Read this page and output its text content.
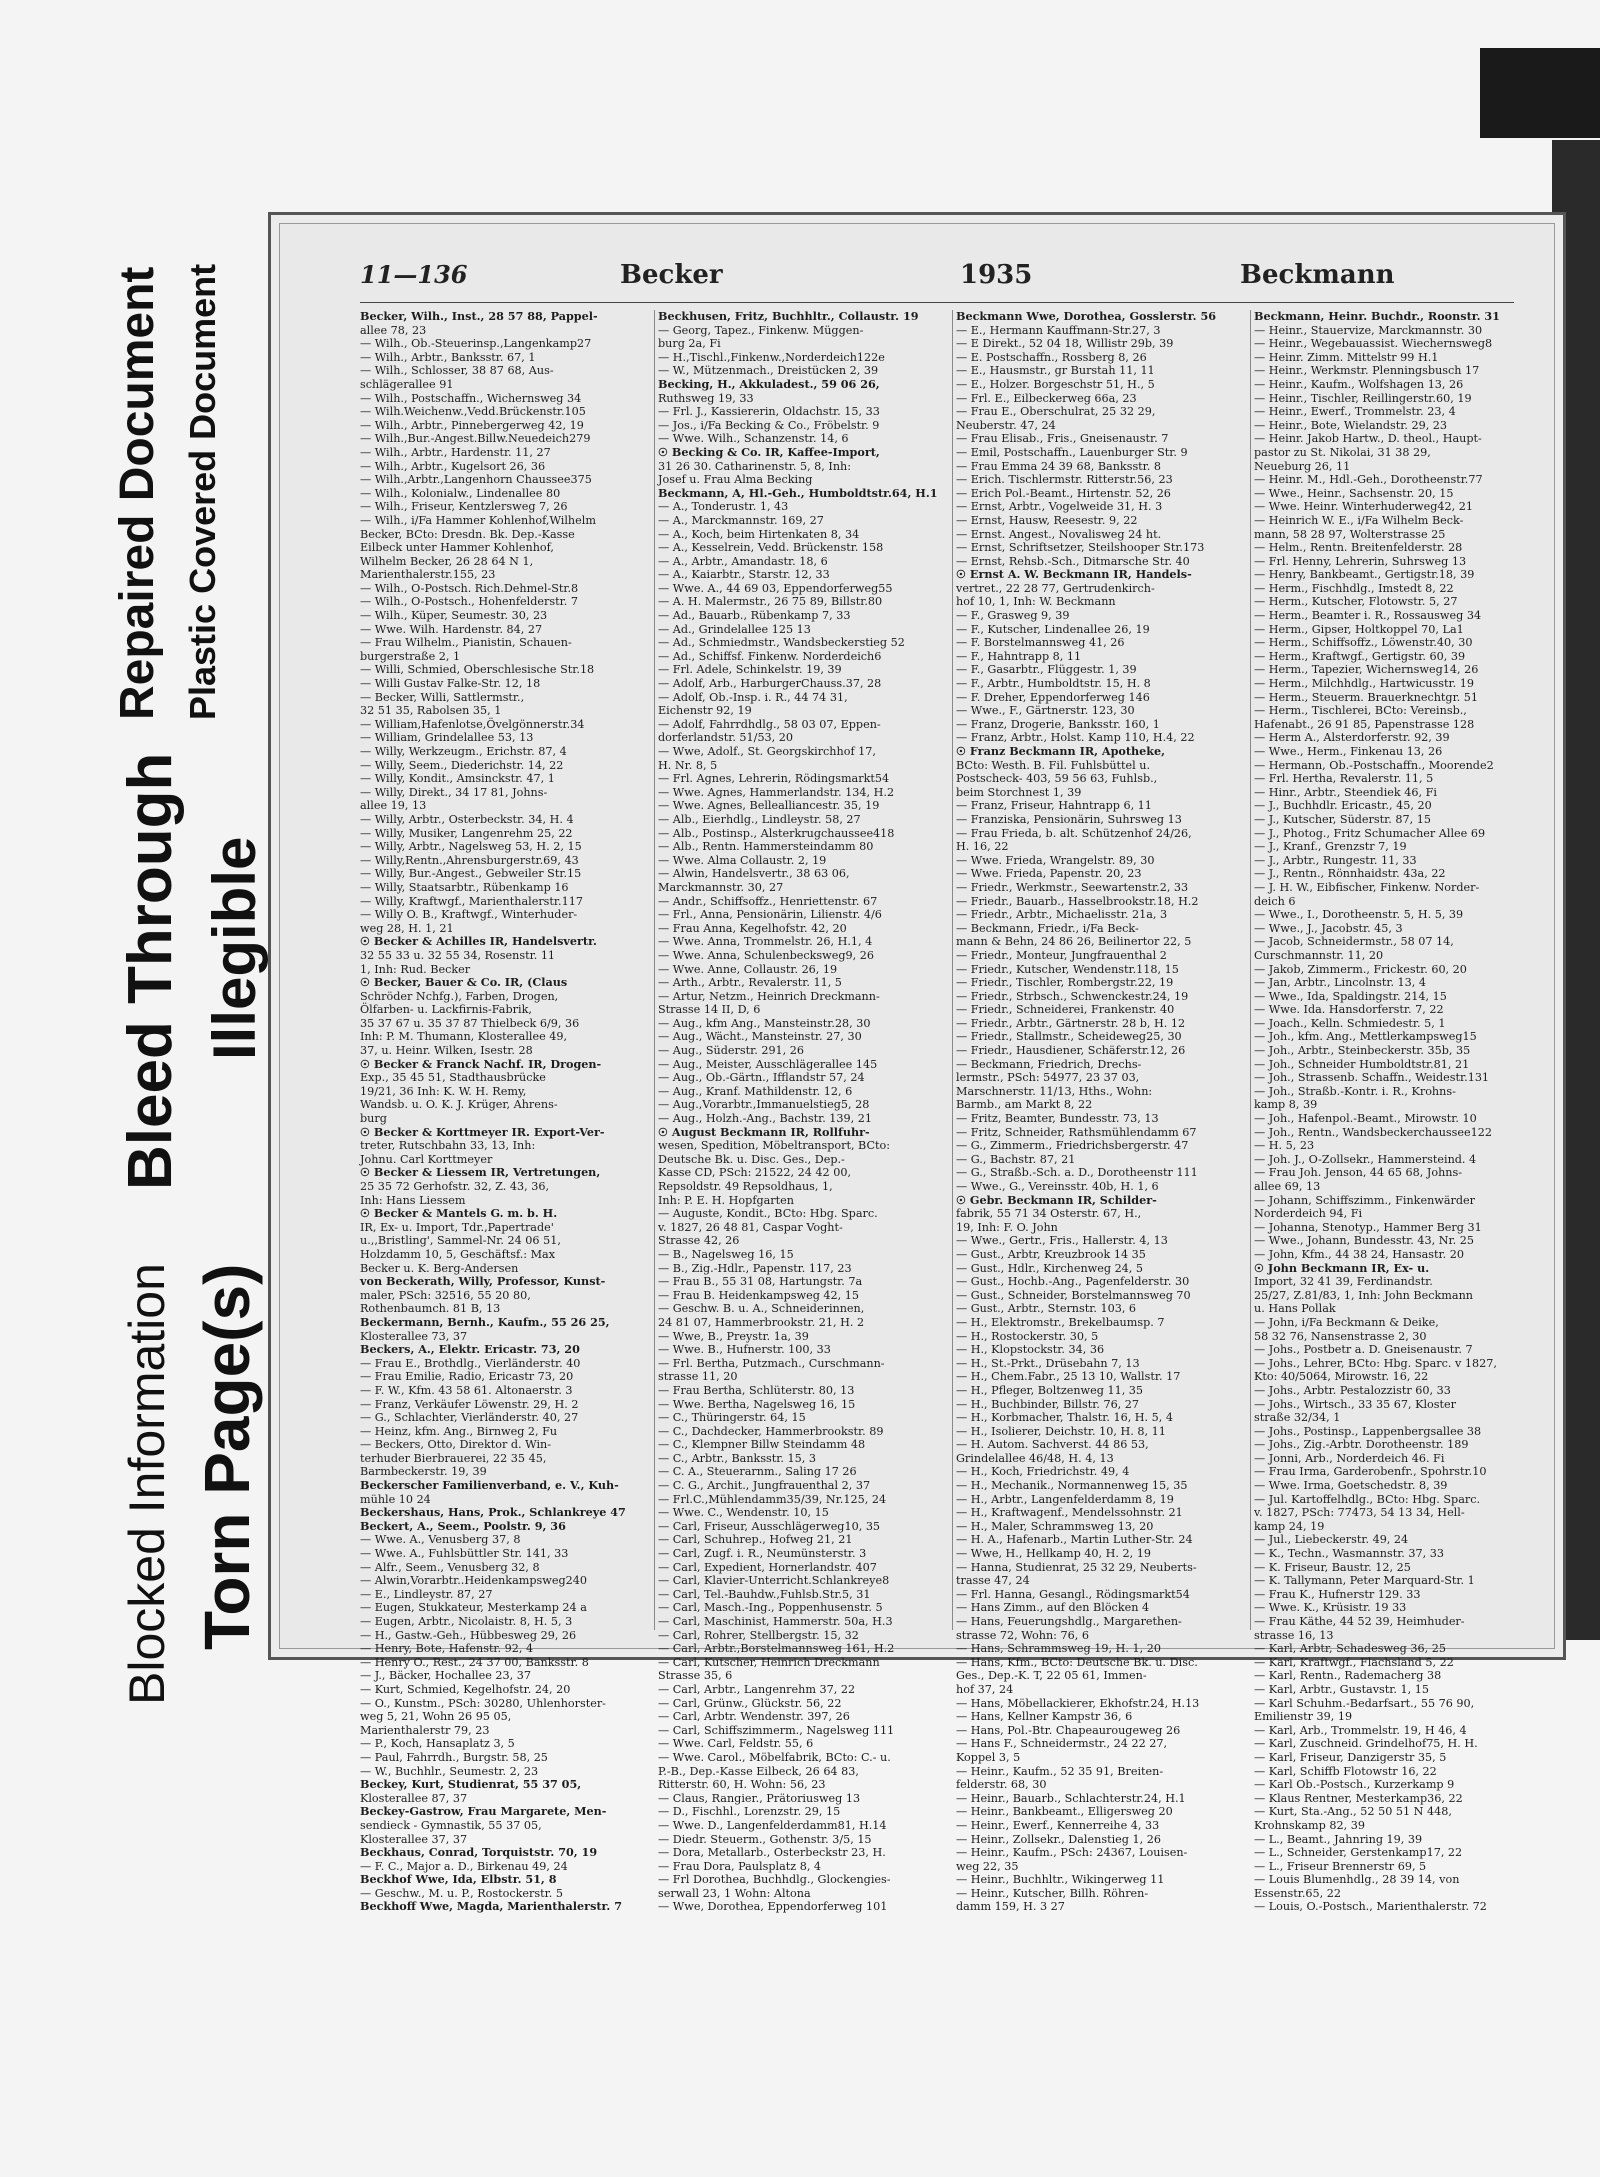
Blocked Information Torn Page(s)
Bleed Through Illegible
Repaired Document Plastic Covered Document	11—136	Becker	1935	Beckmann
Becker, Wilh., Inst., 28 57 88, Pappel-
allee 78, 23
— Wilh., Ob.-Steuerinsp.,Langenkamp27
— Wilh., Arbtr., Banksstr. 67, 1
— Wilh., Schlosser, 38 87 68, Aus-
schlägerallee 91
— Wilh., Postschaffn., Wichernsweg 34
— Wilh.Weichenw.,Vedd.Brückenstr.105
— Wilh., Arbtr., Pinnebergerweg 42, 19
— Wilh.,Bur.-Angest.Billw.Neuedeich279
— Wilh., Arbtr., Hardenstr. 11, 27
— Wilh., Arbtr., Kugelsort 26, 36
— Wilh.,Arbtr.,Langenhorn Chaussee375
— Wilh., Kolonialw., Lindenallee 80
— Wilh., Friseur, Kentzlersweg 7, 26
— Wilh., i/Fa Hammer Kohlenhof,Wilhelm
Becker, BCto: Dresdn. Bk. Dep.-Kasse
Eilbeck unter Hammer Kohlenhof,
Wilhelm Becker, 26 28 64 N 1,
Marienthalerstr.155, 23
— Wilh., O-Postsch. Rich.Dehmel-Str.8
— Wilh., O-Postsch., Hohenfelderstr. 7
— Wilh., Küper, Seumestr. 30, 23
— Wwe. Wilh. Hardenstr. 84, 27
— Frau Wilhelm., Pianistin, Schauen-
burgerstraße 2, 1
— Willi, Schmied, Oberschlesische Str.18
— Willi Gustav Falke-Str. 12, 18
— Becker, Willi, Sattlermstr.,
32 51 35, Rabolsen 35, 1
— William,Hafenlotse,Övelgönnerstr.34
— William, Grindelallee 53, 13
— Willy, Werkzeugm., Erichstr. 87, 4
— Willy, Seem., Diederichstr. 14, 22
— Willy, Kondit., Amsinckstr. 47, 1
— Willy, Direkt., 34 17 81, Johns-
allee 19, 13
— Willy, Arbtr., Osterbeckstr. 34, H. 4
— Willy, Musiker, Langenrehm 25, 22
— Willy, Arbtr., Nagelsweg 53, H. 2, 15
— Willy,Rentn.,Ahrensburgerstr.69, 43
— Willy, Bur.-Angest., Gebweiler Str.15
— Willy, Staatsarbtr., Rübenkamp 16
— Willy, Kraftwgf., Marienthalerstr.117
— Willy O. B., Kraftwgf., Winterhuder-
weg 28, H. 1, 21
☉ Becker & Achilles IR, Handelsvertr.
32 55 33 u. 32 55 34, Rosenstr. 11
1, Inh: Rud. Becker
☉ Becker, Bauer & Co. IR, (Claus
Schröder Nchfg.), Farben, Drogen,
Ölfarben- u. Lackfirnis-Fabrik,
35 37 67 u. 35 37 87 Thielbeck 6/9, 36
Inh: P. M. Thumann, Klosterallee 49,
37, u. Heinr. Wilken, Isestr. 28
☉ Becker & Franck Nachf. IR, Drogen-
Exp., 35 45 51, Stadthausbrücke
19/21, 36 Inh: K. W. H. Remy,
Wandsb. u. O. K. J. Krüger, Ahrens-
burg
☉ Becker & Korttmeyer IR. Export-Ver-
treter, Rutschbahn 33, 13, Inh:
Johnu. Carl Korttmeyer
☉ Becker & Liessem IR, Vertretungen,
25 35 72 Gerhofstr. 32, Z. 43, 36,
Inh: Hans Liessem
☉ Becker & Mantels G. m. b. H.
IR, Ex- u. Import, Tdr.,Papertrade'
u.,,Bristling', Sammel-Nr. 24 06 51,
Holzdamm 10, 5, Geschäftsf.: Max
Becker u. K. Berg-Andersen
von Beckerath, Willy, Professor, Kunst-
maler, PSch: 32516, 55 20 80,
Rothenbaumch. 81 B, 13
Beckermann, Bernh., Kaufm., 55 26 25,
Klosterallee 73, 37
Beckers, A., Elektr. Ericastr. 73, 20
— Frau E., Brothdlg., Vierländerstr. 40
— Frau Emilie, Radio, Ericastr 73, 20
— F. W., Kfm. 43 58 61. Altonaerstr. 3
— Franz, Verkäufer Löwenstr. 29, H. 2
— G., Schlachter, Vierländerstr. 40, 27
— Heinz, kfm. Ang., Birnweg 2, Fu
— Beckers, Otto, Direktor d. Win-
terhuder Bierbrauerei, 22 35 45,
Barmbeckerstr. 19, 39
Beckerscher Familienverband, e. V., Kuh-
mühle 10 24
Beckershaus, Hans, Prok., Schlankreye 47
Beckert, A., Seem., Poolstr. 9, 36
— Wwe. A., Venusberg 37, 8
— Wwe. A., Fuhlsbüttler Str. 141, 33
— Alfr., Seem., Venusberg 32, 8
— Alwin,Vorarbtr..Heidenkampsweg240
— E., Lindleystr. 87, 27
— Eugen, Stukkateur, Mesterkamp 24 a
— Eugen, Arbtr., Nicolaistr. 8, H. 5, 3
— H., Gastw.-Geh., Hübbesweg 29, 26
— Henry, Bote, Hafenstr. 92, 4
— Henry O., Rest., 24 37 00, Banksstr. 8
— J., Bäcker, Hochallee 23, 37
— Kurt, Schmied, Kegelhofstr. 24, 20
— O., Kunstm., PSch: 30280, Uhlenhorster-
weg 5, 21, Wohn 26 95 05,
Marienthalerstr 79, 23
— P., Koch, Hansaplatz 3, 5
— Paul, Fahrrdh., Burgstr. 58, 25
— W., Buchhlr., Seumestr. 2, 23
Beckey, Kurt, Studienrat, 55 37 05,
Klosterallee 87, 37
Beckey-Gastrow, Frau Margarete, Men-
sendieck - Gymnastik, 55 37 05,
Klosterallee 37, 37
Beckhaus, Conrad, Torquiststr. 70, 19
— F. C., Major a. D., Birkenau 49, 24
Beckhof Wwe, Ida, Elbstr. 51, 8
— Geschw., M. u. P., Rostockerstr. 5
Beckhoff Wwe, Magda, Marienthalerstr. 7
Beckhusen, Fritz, Buchhltr., Collaustr. 19
— Georg, Tapez., Finkenw. Müggen-
burg 2a, Fi
— H.,Tischl.,Finkenw.,Norderdeich122e
— W., Mützenmach., Dreistücken 2, 39
Becking, H., Akkuladest., 59 06 26,
Ruthsweg 19, 33
— Frl. J., Kassiererin, Oldachstr. 15, 33
— Jos., i/Fa Becking & Co., Fröbelstr. 9
— Wwe. Wilh., Schanzenstr. 14, 6
☉ Becking & Co. IR, Kaffee-Import,
31 26 30. Catharinenstr. 5, 8, Inh:
Josef u. Frau Alma Becking
Beckmann, A, Hl.-Geh., Humboldtstr.64, H.1
— A., Tonderustr. 1, 43
— A., Marckmannstr. 169, 27
— A., Koch, beim Hirtenkaten 8, 34
— A., Kesselrein, Vedd. Brückenstr. 158
— A., Arbtr., Amandastr. 18, 6
— A., Kaiarbtr., Starstr. 12, 33
— Wwe. A., 44 69 03, Eppendorferweg55
— A. H. Malermstr., 26 75 89, Billstr.80
— Ad., Bauarb., Rübenkamp 7, 33
— Ad., Grindelallee 125 13
— Ad., Schmiedmstr., Wandsbeckerstieg 52
— Ad., Schiffsf. Finkenw. Norderdeich6
— Frl. Adele, Schinkelstr. 19, 39
— Adolf, Arb., HarburgerChauss.37, 28
— Adolf, Ob.-Insp. i. R., 44 74 31,
Eichenstr 92, 19
— Adolf, Fahrrdhdlg., 58 03 07, Eppen-
dorferlandstr. 51/53, 20
— Wwe, Adolf., St. Georgskirchhof 17,
H. Nr. 8, 5
— Frl. Agnes, Lehrerin, Rödingsmarkt54
— Wwe. Agnes, Hammerlandstr. 134, H.2
— Wwe. Agnes, Belleallianсestr. 35, 19
— Alb., Eierhdlg., Lindleystr. 58, 27
— Alb., Postinsp., Alsterkrugchaussee418
— Alb., Rentn. Hammersteindamm 80
— Wwe. Alma Collaustr. 2, 19
— Alwin, Handelsvertr., 38 63 06,
Marckmannstr. 30, 27
— Andr., Schiffsoffz., Henriettenstr. 67
— Frl., Anna, Pensionärin, Lilienstr. 4/6
— Frau Anna, Kegelhofstr. 42, 20
— Wwe. Anna, Trommelstr. 26, H.1, 4
— Wwe. Anna, Schulenbecksweg9, 26
— Wwe. Anne, Collaustr. 26, 19
— Arth., Arbtr., Revalerstr. 11, 5
— Artur, Netzm., Heinrich Dreckmann-
Strasse 14 II, D, 6
— Aug., kfm Ang., Mansteinstr.28, 30
— Aug., Wächt., Mansteinstr. 27, 30
— Aug., Süderstr. 291, 26
— Aug., Meister, Ausschlägerallee 145
— Aug., Ob.-Gärtn., Ifflandstr 57, 24
— Aug., Kranf. Mathildenstr. 12, 6
— Aug.,Vorarbtr.,Immanuelstieg5, 28
— Aug., Holzh.-Ang., Bachstr. 139, 21
☉ August Beckmann IR, Rollfuhr-
wesen, Spedition, Möbeltransport, BCto:
Deutsche Bk. u. Disc. Ges., Dep.-
Kasse CD, PSch: 21522, 24 42 00,
Repsoldstr. 49 Repsoldhaus, 1,
Inh: P. E. H. Hopfgarten
— Auguste, Kondit., BCto: Hbg. Sparc.
v. 1827, 26 48 81, Caspar Voght-
Strasse 42, 26
— B., Nagelsweg 16, 15
— B., Zig.-Hdlr., Papenstr. 117, 23
— Frau B., 55 31 08, Hartungstr. 7a
— Frau B. Heidenkampsweg 42, 15
— Geschw. B. u. A., Schneiderinnen,
24 81 07, Hammerbrookstr. 21, H. 2
— Wwe, B., Preystr. 1a, 39
— Wwe. B., Hufnerstr. 100, 33
— Frl. Bertha, Putzmach., Curschmann-
strasse 11, 20
— Frau Bertha, Schlüterstr. 80, 13
— Wwe. Bertha, Nagelsweg 16, 15
— C., Thüringerstr. 64, 15
— C., Dachdecker, Hammerbrookstr. 89
— C., Klempner Billw Steindamm 48
— C., Arbtr., Banksstr. 15, 3
— C. A., Steuerarnm., Saling 17 26
— C. G., Archit., Jungfrauenthal 2, 37
— Frl.C.,Mühlendamm35/39, Nr.125, 24
— Wwe. C., Wendenstr. 10, 15
— Carl, Friseur, Ausschlägerweg10, 35
— Carl, Schuhrep., Hofweg 21, 21
— Carl, Zugf. i. R., Neumünsterstr. 3
— Carl, Expedient, Hornerlandstr. 407
— Carl, Klavier-Unterricht.Schlankreye8
— Carl, Tel.-Bauhdw.,Fuhlsb.Str.5, 31
— Carl, Masch.-Ing., Poppenhusenstr. 5
— Carl, Maschinist, Hammerstr. 50a, H.3
— Carl, Rohrer, Stellbergstr. 15, 32
— Carl, Arbtr.,Borstelmannsweg 161, H.2
— Carl, Kutscher, Heinrich Dreckmann
Strasse 35, 6
— Carl, Arbtr., Langenrehm 37, 22
— Carl, Grünw., Glückstr. 56, 22
— Carl, Arbtr. Wendenstr. 397, 26
— Carl, Schiffszimmerm., Nagelsweg 111
— Wwe. Carl, Feldstr. 55, 6
— Wwe. Carol., Möbelfabrik, BCto: C.- u.
P.-B., Dep.-Kasse Eilbeck, 26 64 83,
Ritterstr. 60, H. Wohn: 56, 23
— Claus, Rangier., Prätoriusweg 13
— D., Fischhl., Lorenzstr. 29, 15
— Wwe. D., Langenfelderdamm81, H.14
— Diedr. Steuerm., Gothenstr. 3/5, 15
— Dora, Metallarb., Osterbeckstr 23, H.
— Frau Dora, Paulsplatz 8, 4
— Frl Dorothea, Buchhdlg., Glockengies-
serwall 23, 1 Wohn: Altona
— Wwe, Dorothea, Eppendorferweg 101
Beckmann Wwe, Dorothea, Gosslerstr. 56
— E., Hermann Kauffmann-Str.27, 3
— E Direkt., 52 04 18, Willistr 29b, 39
— E. Postschaffn., Rossberg 8, 26
— E., Hausmstr., gr Burstah 11, 11
— E., Holzer. Borgeschstr 51, H., 5
— Frl. E., Eilbeckerweg 66a, 23
— Frau E., Oberschulrat, 25 32 29,
Neuberstr. 47, 24
— Frau Elisab., Fris., Gneisenaustr. 7
— Emil, Postschaffn., Lauenburger Str. 9
— Frau Emma 24 39 68, Banksstr. 8
— Erich. Tischlermstr. Ritterstr.56, 23
— Erich Pol.-Beamt., Hirtenstr. 52, 26
— Ernst, Arbtr., Vogelweide 31, H. 3
— Ernst, Hausw, Reesestr. 9, 22
— Ernst. Angest., Novalisweg 24 ht.
— Ernst, Schriftsetzer, Steilshooper Str.173
— Ernst, Rehsb.-Sch., Ditmarsche Str. 40
☉ Ernst A. W. Beckmann IR, Handels-
vertret., 22 28 77, Gertrudenkirch-
hof 10, 1, Inh: W. Beckmann
— F., Grasweg 9, 39
— F., Kutscher, Lindenallee 26, 19
— F. Borstelmannsweg 41, 26
— F., Hahntrapp 8, 11
— F., Gasarbtr., Flüggestr. 1, 39
— F., Arbtr., Humboldtstr. 15, H. 8
— F. Dreher, Eppendorferweg 146
— Wwe., F., Gärtnerstr. 123, 30
— Franz, Drogerie, Banksstr. 160, 1
— Franz, Arbtr., Holst. Kamp 110, H.4, 22
☉ Franz Beckmann IR, Apotheke,
BCto: Westh. B. Fil. Fuhlsbüttel u.
Postscheck- 403, 59 56 63, Fuhlsb.,
beim Storchnest 1, 39
— Franz, Friseur, Hahntrapp 6, 11
— Franziska, Pensionärin, Suhrsweg 13
— Frau Frieda, b. alt. Schützenhof 24/26,
H. 16, 22
— Wwe. Frieda, Wrangelstr. 89, 30
— Wwe. Frieda, Papenstr. 20, 23
— Friedr., Werkmstr., Seewartenstr.2, 33
— Friedr., Bauarb., Hasselbrookstr.18, H.2
— Friedr., Arbtr., Michaelisstr. 21a, 3
— Beckmann, Friedr., i/Fa Beck-
mann & Behn, 24 86 26, Beilinertor 22, 5
— Friedr., Monteur, Jungfrauenthal 2
— Friedr., Kutscher, Wendenstr.118, 15
— Friedr., Tischler, Rombergstr.22, 19
— Friedr., Strbsch., Schwenckestr.24, 19
— Friedr., Schneiderei, Frankenstr. 40
— Friedr., Arbtr., Gärtnerstr. 28 b, H. 12
— Friedr., Stallmstr., Scheideweg25, 30
— Friedr., Hausdiener, Schäferstr.12, 26
— Beckmann, Friedrich, Drechs-
lermstr., PSch: 54977, 23 37 03,
Marschnerstr. 11/13, Hths., Wohn:
Barmb., am Markt 8, 22
— Fritz, Beamter, Bundesstr. 73, 13
— Fritz, Schneider, Rathsmühlendamm 67
— G., Zimmerm., Friedrichsbergerstr. 47
— G., Bachstr. 87, 21
— G., Straßb.-Sch. a. D., Dorotheenstr 111
— Wwe., G., Vereinsstr. 40b, H. 1, 6
☉ Gebr. Beckmann IR, Schilder-
fabrik, 55 71 34 Osterstr. 67, H.,
19, Inh: F. O. John
— Wwe., Gertr., Fris., Hallerstr. 4, 13
— Gust., Arbtr, Kreuzbrook 14 35
— Gust., Hdlr., Kirchenweg 24, 5
— Gust., Hochb.-Ang., Pagenfelderstr. 30
— Gust., Schneider, Borstelmannsweg 70
— Gust., Arbtr., Sternstr. 103, 6
— H., Elektromstr., Brekelbaumsp. 7
— H., Rostockerstr. 30, 5
— H., Klopstockstr. 34, 36
— H., St.-Prkt., Drüsebahn 7, 13
— H., Chem.Fabr., 25 13 10, Wallstr. 17
— H., Pfleger, Boltzenweg 11, 35
— H., Buchbinder, Billstr. 76, 27
— H., Korbmacher, Thalstr. 16, H. 5, 4
— H., Isolierer, Deichstr. 10, H. 8, 11
— H. Autom. Sachverst. 44 86 53,
Grindelallee 46/48, H. 4, 13
— H., Koch, Friedrichstr. 49, 4
— H., Mechanik., Normannenweg 15, 35
— H., Arbtr., Langenfelderdamm 8, 19
— H., Kraftwagenf., Mendelssohnstr. 21
— H., Maler, Schrammsweg 13, 20
— H. A., Hafenarb., Martin Luther-Str. 24
— Wwe, H., Hellkamp 40, H. 2, 19
— Hanna, Studienrat, 25 32 29, Neuberts-
trasse 47, 24
— Frl. Hanna, Gesangl., Rödingsmarkt54
— Hans Zimm., auf den Blöcken 4
— Hans, Feuerungshdlg., Margarethen-
strasse 72, Wohn: 76, 6
— Hans, Schrammsweg 19, H. 1, 20
— Hans, Kfm., BCto: Deutsche Bk. u. Disc.
Ges., Dep.-K. T, 22 05 61, Immen-
hof 37, 24
— Hans, Möbellackierer, Ekhofstr.24, H.13
— Hans, Kellner Kampstr 36, 6
— Hans, Pol.-Btr. Chapeaurougeweg 26
— Hans F., Schneidermstr., 24 22 27,
Koppel 3, 5
— Heinr., Kaufm., 52 35 91, Breiten-
felderstr. 68, 30
— Heinr., Bauarb., Schlachterstr.24, H.1
— Heinr., Bankbeamt., Elligersweg 20
— Heinr., Ewerf., Kennerreihe 4, 33
— Heinr., Zollsekr., Dalenstieg 1, 26
— Heinr., Kaufm., PSch: 24367, Louisen-
weg 22, 35
— Heinr., Buchhltr., Wikingerweg 11
— Heinr., Kutscher, Billh. Röhren-
damm 159, H. 3 27
Beckmann, Heinr. Buchdr., Roonstr. 31
— Heinr., Stauervize, Marckmannstr. 30
— Heinr., Wegebauassist. Wiechernsweg8
— Heinr. Zimm. Mittelstr 99 H.1
— Heinr., Werkmstr. Plenningsbusch 17
— Heinr., Kaufm., Wolfshagen 13, 26
— Heinr., Tischler, Reillingerstr.60, 19
— Heinr., Ewerf., Trommelstr. 23, 4
— Heinr., Bote, Wielandstr. 29, 23
— Heinr. Jakob Hartw., D. theol., Haupt-
pastor zu St. Nikolai, 31 38 29,
Neueburg 26, 11
— Heinr. M., Hdl.-Geh., Dorotheenstr.77
— Wwe., Heinr., Sachsenstr. 20, 15
— Wwe. Heinr. Winterhuderweg42, 21
— Heinrich W. E., i/Fa Wilhelm Beck-
mann, 58 28 97, Wolterstrasse 25
— Helm., Rentn. Breitenfelderstr. 28
— Frl. Henny, Lehrerin, Suhrsweg 13
— Henry, Bankbeamt., Gertigstr.18, 39
— Herm., Fischhdlg., Imstedt 8, 22
— Herm., Kutscher, Flotowstr. 5, 27
— Herm., Beamter i. R., Rossausweg 34
— Herm., Gipser, Holtkoppel 70, La1
— Herm., Schiffsoffz., Löwenstr.40, 30
— Herm., Kraftwgf., Gertigstr. 60, 39
— Herm., Tapezier, Wichernsweg14, 26
— Herm., Milchhdlg., Hartwicusstr. 19
— Herm., Steuerm. Brauerknechtgr. 51
— Herm., Tischlerei, BCto: Vereinsb.,
Hafenabt., 26 91 85, Papenstrasse 128
— Herm A., Alsterdorferstr. 92, 39
— Wwe., Herm., Finkenau 13, 26
— Hermann, Ob.-Postschaffn., Moorende2
— Frl. Hertha, Revalerstr. 11, 5
— Hinr., Arbtr., Steendiek 46, Fi
— J., Buchhdlr. Ericastr., 45, 20
— J., Kutscher, Süderstr. 87, 15
— J., Photog., Fritz Schumacher Allee 69
— J., Kranf., Grenzstr 7, 19
— J., Arbtr., Rungestr. 11, 33
— J., Rentn., Rönnhaidstr. 43a, 22
— J. H. W., Eibfischer, Finkenw. Norder-
deich 6
— Wwe., I., Dorotheenstr. 5, H. 5, 39
— Wwe., J., Jacobstr. 45, 3
— Jacob, Schneidermstr., 58 07 14,
Curschmannstr. 11, 20
— Jakob, Zimmerm., Frickestr. 60, 20
— Jan, Arbtr., Lincolnstr. 13, 4
— Wwe., Ida, Spaldingstr. 214, 15
— Wwe. Ida. Hansdorferstr. 7, 22
— Joach., Kelln. Schmiedestr. 5, 1
— Joh., kfm. Ang., Mettlerkampsweg15
— Joh., Arbtr., Steinbeckerstr. 35b, 35
— Joh., Schneider Humboldtstr.81, 21
— Joh., Strassenb. Schaffn., Weidestr.131
— Joh., Straßb.-Kontr. i. R., Krohns-
kamp 8, 39
— Joh., Hafenpol.-Beamt., Mirowstr. 10
— Joh., Rentn., Wandsbeckerchaussee122
— H. 5, 23
— Joh. J., O-Zollsekr., Hammersteind. 4
— Frau Joh. Jenson, 44 65 68, Johns-
allee 69, 13
— Johann, Schiffszimm., Finkenwärder
Norderdeich 94, Fi
— Johanna, Stenotyp., Hammer Berg 31
— Wwe., Johann, Bundesstr. 43, Nr. 25
— John, Kfm., 44 38 24, Hansastr. 20
☉ John Beckmann IR, Ex- u.
Import, 32 41 39, Ferdinandstr.
25/27, Z.81/83, 1, Inh: John Beckmann
u. Hans Pollak
— John, i/Fa Beckmann & Deike,
58 32 76, Nansenstrasse 2, 30
— Johs., Postbetr a. D. Gneisenaustr. 7
— Johs., Lehrer, BCto: Hbg. Sparc. v 1827,
Kto: 40/5064, Mirowstr. 16, 22
— Johs., Arbtr. Pestalozzistr 60, 33
— Johs., Wirtsch., 33 35 67, Kloster
straße 32/34, 1
— Johs., Postinsp., Lappenbergsallee 38
— Johs., Zig.-Arbtr. Dorotheenstr. 189
— Jonni, Arb., Norderdeich 46. Fi
— Frau Irma, Garderobenfr., Spohrstr.10
— Wwe. Irma, Goetschedstr. 8, 39
— Jul. Kartoffelhdlg., BCto: Hbg. Sparc.
v. 1827, PSch: 77473, 54 13 34, Hell-
kamp 24, 19
— Jul., Liebeckerstr. 49, 24
— K., Techn., Wasmannstr. 37, 33
— K. Friseur, Baustr. 12, 25
— K. Tallymann, Peter Marquard-Str. 1
— Frau K., Hufnerstr 129. 33
— Wwe. K., Krüsistr. 19 33
— Frau Käthe, 44 52 39, Heimhuder-
strasse 16, 13
— Karl, Arbtr, Schadesweg 36, 25
— Karl, Kraftwgf., Flachsland 5, 22
— Karl, Rentn., Rademacherg 38
— Karl, Arbtr., Gustavstr. 1, 15
— Karl Schuhm.-Bedarfsart., 55 76 90,
Emilienstr 39, 19
— Karl, Arb., Trommelstr. 19, H 46, 4
— Karl, Zuschneid. Grindelhof75, H. H.
— Karl, Friseur, Danzigerstr 35, 5
— Karl, Schiffb Flotowstr 16, 22
— Karl Ob.-Postsch., Kurzerkamp 9
— Klaus Rentner, Mesterkamp36, 22
— Kurt, Sta.-Ang., 52 50 51 N 448,
Krohnskamp 82, 39
— L., Beamt., Jahnring 19, 39
— L., Schneider, Gerstenkamp17, 22
— L., Friseur Brennerstr 69, 5
— Louis Blumenhdlg., 28 39 14, von
Essenstr.65, 22
— Louis, O.-Postsch., Marienthalerstr. 72
